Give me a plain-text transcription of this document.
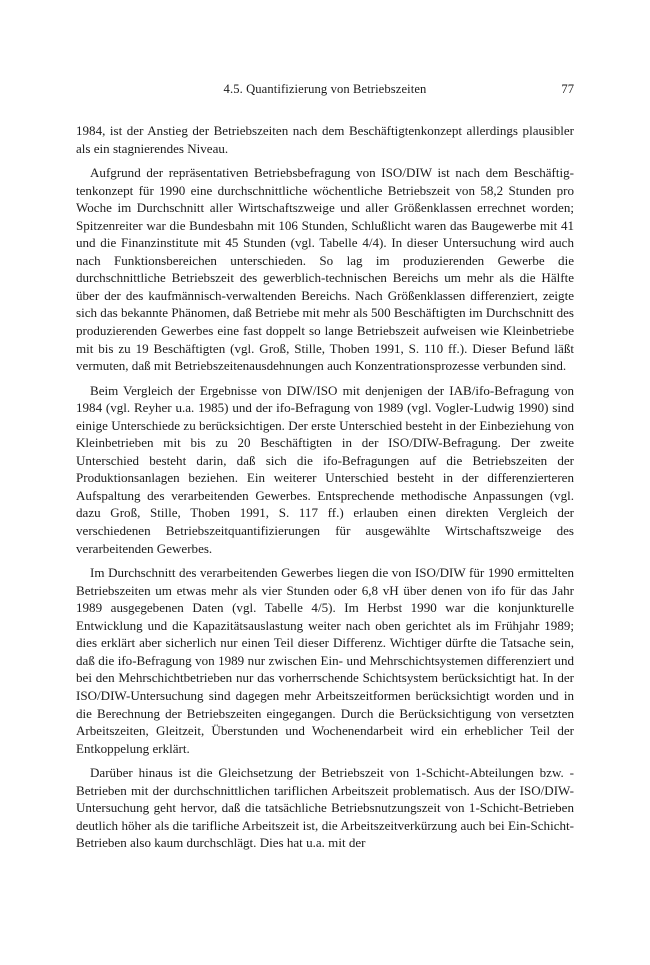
4.5. Quantifizierung von Betriebszeiten	77

1984, ist der Anstieg der Betriebszeiten nach dem Beschäftigtenkonzept allerdings plausibler als ein stagnierendes Niveau.

Aufgrund der repräsentativen Betriebsbefragung von ISO/DIW ist nach dem Beschäftigtenkonzept für 1990 eine durchschnittliche wöchentliche Betriebszeit von 58,2 Stunden pro Woche im Durchschnitt aller Wirtschaftszweige und aller Größenklassen errechnet worden; Spitzenreiter war die Bundesbahn mit 106 Stunden, Schlußlicht waren das Baugewerbe mit 41 und die Finanzinstitute mit 45 Stunden (vgl. Tabelle 4/4). In dieser Untersuchung wird auch nach Funktionsbereichen unterschieden. So lag im produzierenden Gewerbe die durchschnittliche Betriebszeit des gewerblich-technischen Bereichs um mehr als die Hälfte über der des kaufmännisch-verwaltenden Bereichs. Nach Größenklassen differenziert, zeigte sich das bekannte Phänomen, daß Betriebe mit mehr als 500 Beschäftigten im Durchschnitt des produzierenden Gewerbes eine fast doppelt so lange Betriebszeit aufweisen wie Kleinbetriebe mit bis zu 19 Beschäftigten (vgl. Groß, Stille, Thoben 1991, S. 110 ff.). Dieser Befund läßt vermuten, daß mit Betriebszeitenausdehnungen auch Konzentrationsprozesse verbunden sind.

Beim Vergleich der Ergebnisse von DIW/ISO mit denjenigen der IAB/ifo-Befragung von 1984 (vgl. Reyher u.a. 1985) und der ifo-Befragung von 1989 (vgl. Vogler-Ludwig 1990) sind einige Unterschiede zu berücksichtigen. Der erste Unterschied besteht in der Einbeziehung von Kleinbetrieben mit bis zu 20 Beschäftigten in der ISO/DIW-Befragung. Der zweite Unterschied besteht darin, daß sich die ifo-Befragungen auf die Betriebszeiten der Produktionsanlagen beziehen. Ein weiterer Unterschied besteht in der differenzierteren Aufspaltung des verarbeitenden Gewerbes. Entsprechende methodische Anpassungen (vgl. dazu Groß, Stille, Thoben 1991, S. 117 ff.) erlauben einen direkten Vergleich der verschiedenen Betriebszeitquantifizierungen für ausgewählte Wirtschaftszweige des verarbeitenden Gewerbes.

Im Durchschnitt des verarbeitenden Gewerbes liegen die von ISO/DIW für 1990 ermittelten Betriebszeiten um etwas mehr als vier Stunden oder 6,8 vH über denen von ifo für das Jahr 1989 ausgegebenen Daten (vgl. Tabelle 4/5). Im Herbst 1990 war die konjunkturelle Entwicklung und die Kapazitätsauslastung weiter nach oben gerichtet als im Frühjahr 1989; dies erklärt aber sicherlich nur einen Teil dieser Differenz. Wichtiger dürfte die Tatsache sein, daß die ifo-Befragung von 1989 nur zwischen Ein- und Mehrschichtsystemen differenziert und bei den Mehrschichtbetrieben nur das vorherrschende Schichtsystem berücksichtigt hat. In der ISO/DIW-Untersuchung sind dagegen mehr Arbeitszeitformen berücksichtigt worden und in die Berechnung der Betriebszeiten eingegangen. Durch die Berücksichtigung von versetzten Arbeitszeiten, Gleitzeit, Überstunden und Wochenendarbeit wird ein erheblicher Teil der Entkoppelung erklärt.

Darüber hinaus ist die Gleichsetzung der Betriebszeit von 1-Schicht-Abteilungen bzw. -Betrieben mit der durchschnittlichen tariflichen Arbeitszeit problematisch. Aus der ISO/DIW-Untersuchung geht hervor, daß die tatsächliche Betriebsnutzungszeit von 1-Schicht-Betrieben deutlich höher als die tarifliche Arbeitszeit ist, die Arbeitszeitverkürzung auch bei Ein-Schicht-Betrieben also kaum durchschlägt. Dies hat u.a. mit der
